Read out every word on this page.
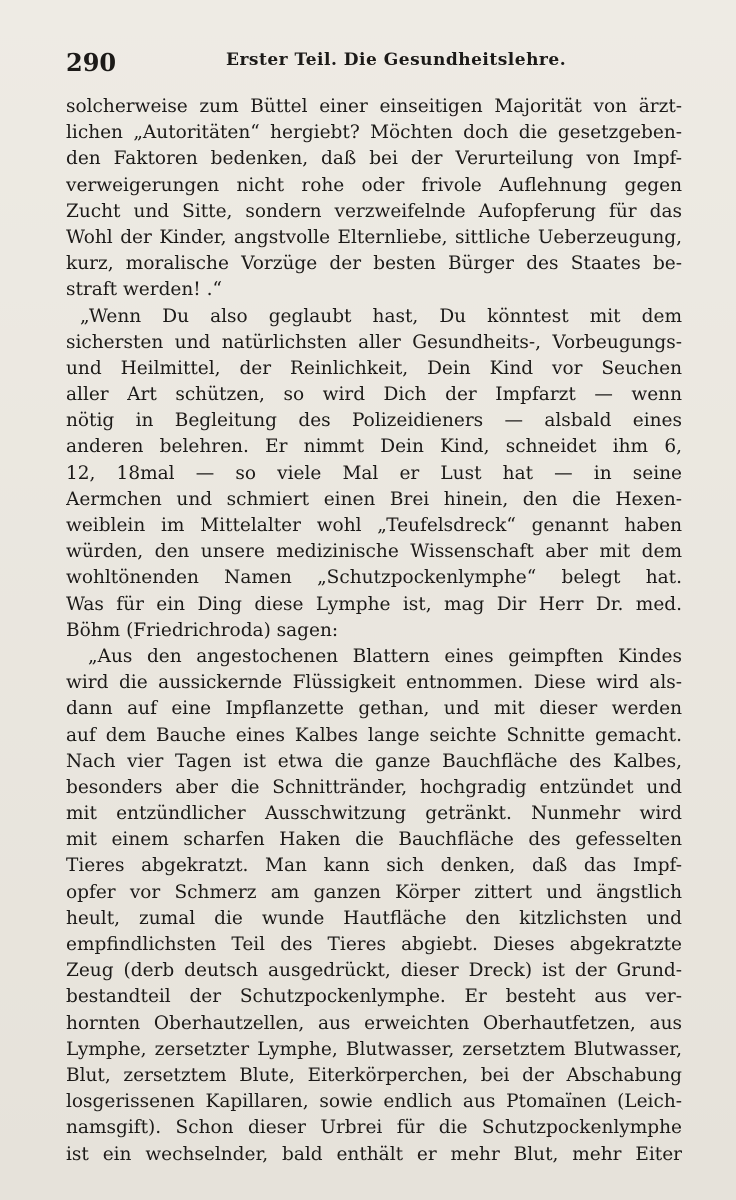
290	Erster Teil. Die Gesundheitslehre.
solcherweise zum Büttel einer einseitigen Majorität von ärzt-
lichen „Autoritäten“ hergiebt? Möchten doch die gesetzgeben-
den Faktoren bedenken, daß bei der Verurteilung von Impf-
verweigerungen nicht rohe oder frivole Auflehnung gegen
Zucht und Sitte, sondern verzweifelnde Aufopferung für das
Wohl der Kinder, angstvolle Elternliebe, sittliche Ueberzeugung,
kurz, moralische Vorzüge der besten Bürger des Staates be-
straft werden! .“
„Wenn Du also geglaubt hast, Du könntest mit dem
sichersten und natürlichsten aller Gesundheits-, Vorbeugungs-
und Heilmittel, der Reinlichkeit, Dein Kind vor Seuchen
aller Art schützen, so wird Dich der Impfarzt — wenn
nötig in Begleitung des Polizeidieners — alsbald eines
anderen belehren. Er nimmt Dein Kind, schneidet ihm 6,
12, 18mal — so viele Mal er Lust hat — in seine
Aermchen und schmiert einen Brei hinein, den die Hexen-
weiblein im Mittelalter wohl „Teufelsdreck“ genannt haben
würden, den unsere medizinische Wissenschaft aber mit dem
wohltönenden Namen „Schutzpockenlymphe“ belegt hat.
Was für ein Ding diese Lymphe ist, mag Dir Herr Dr. med.
Böhm (Friedrichroda) sagen:
„Aus den angestochenen Blattern eines geimpften Kindes
wird die aussickernde Flüssigkeit entnommen. Diese wird als-
dann auf eine Impflanzette gethan, und mit dieser werden
auf dem Bauche eines Kalbes lange seichte Schnitte gemacht.
Nach vier Tagen ist etwa die ganze Bauchfläche des Kalbes,
besonders aber die Schnittränder, hochgradig entzündet und
mit entzündlicher Ausschwitzung getränkt. Nunmehr wird
mit einem scharfen Haken die Bauchfläche des gefesselten
Tieres abgekratzt. Man kann sich denken, daß das Impf-
opfer vor Schmerz am ganzen Körper zittert und ängstlich
heult, zumal die wunde Hautfläche den kitzlichsten und
empfindlichsten Teil des Tieres abgiebt. Dieses abgekratzte
Zeug (derb deutsch ausgedrückt, dieser Dreck) ist der Grund-
bestandteil der Schutzpockenlymphe. Er besteht aus ver-
hornten Oberhautzellen, aus erweichten Oberhautfetzen, aus
Lymphe, zersetzter Lymphe, Blutwasser, zersetztem Blutwasser,
Blut, zersetztem Blute, Eiterkörperchen, bei der Abschabung
losgerissenen Kapillaren, sowie endlich aus Ptomaïnen (Leich-
namsgift). Schon dieser Urbrei für die Schutzpockenlymphe
ist ein wechselnder, bald enthält er mehr Blut, mehr Eiter
